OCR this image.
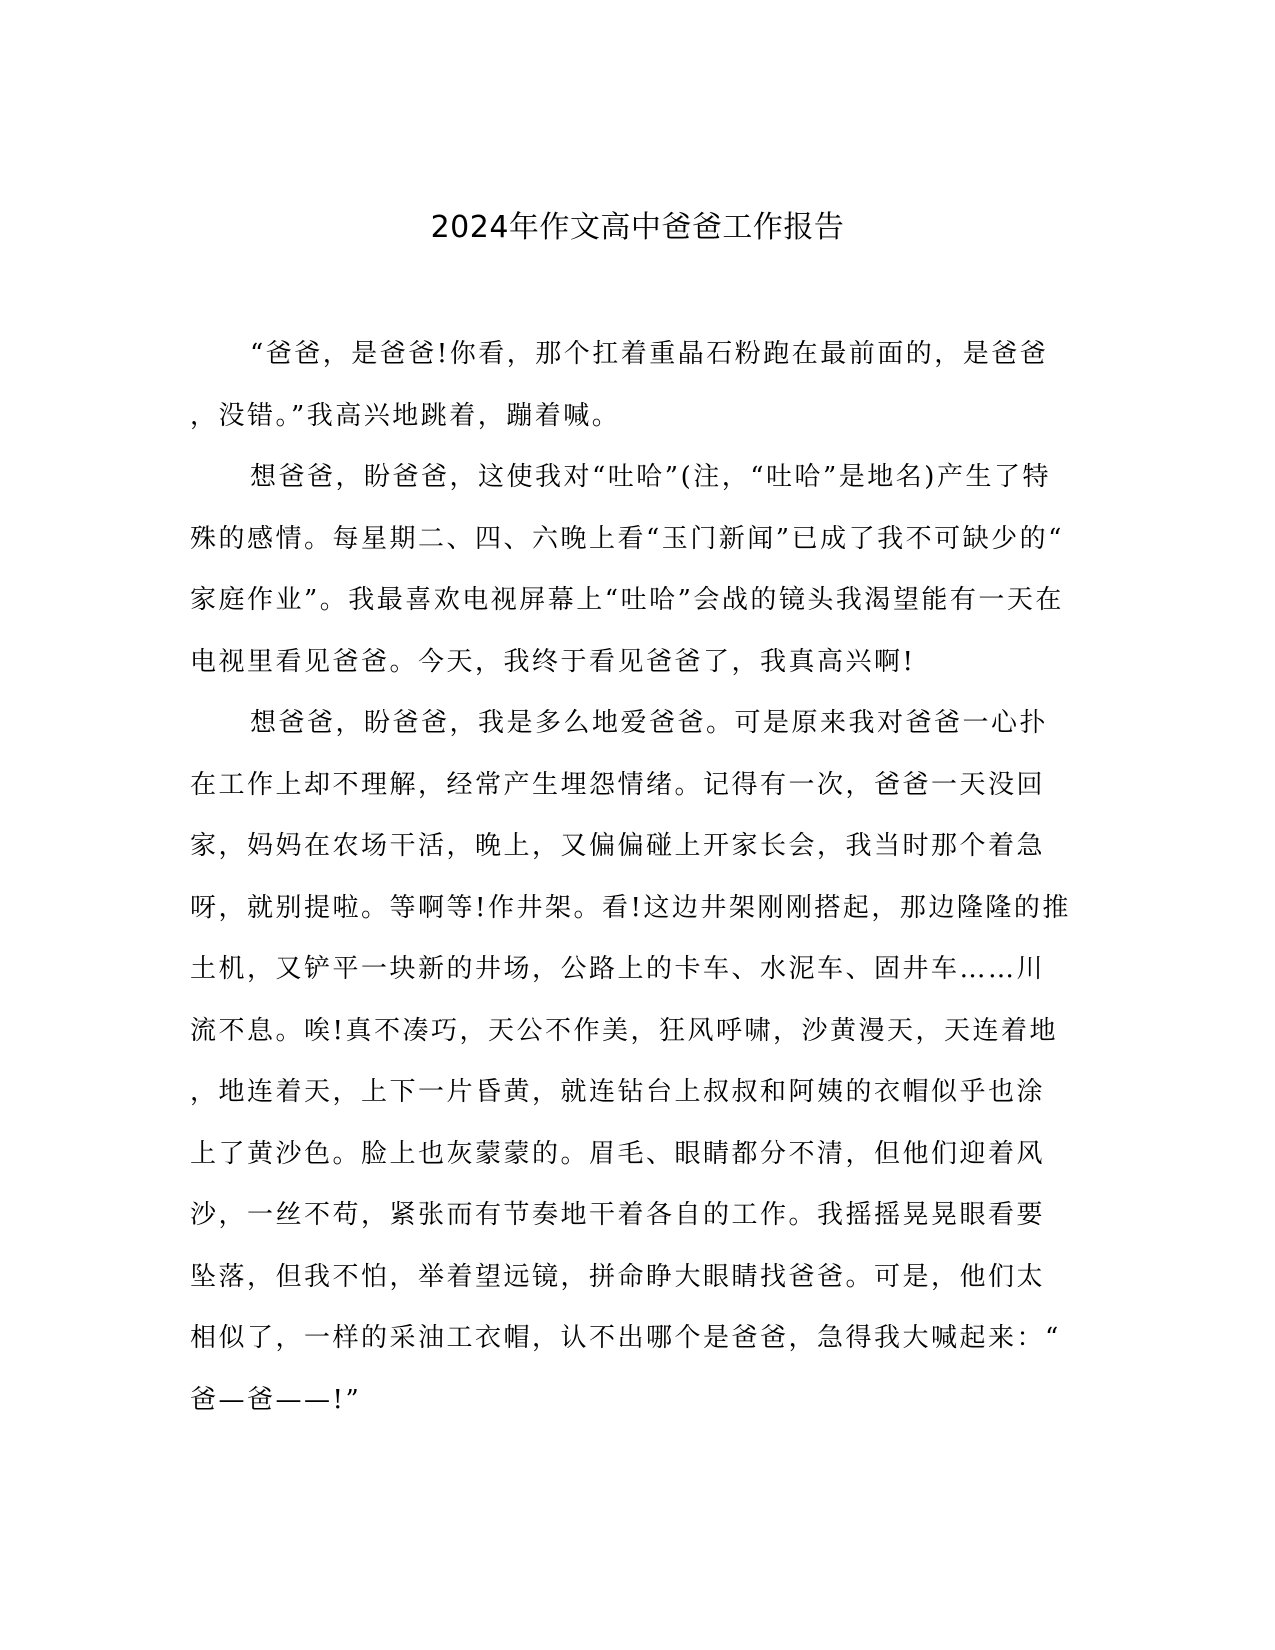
2024年作文高中爸爸工作报告
“爸爸，是爸爸!你看，那个扛着重晶石粉跑在最前面的，是爸爸
，没错。”我高兴地跳着，蹦着喊。
想爸爸，盼爸爸，这使我对“吐哈”(注，“吐哈”是地名)产生了特
殊的感情。每星期二、四、六晚上看“玉门新闻”已成了我不可缺少的“
家庭作业”。我最喜欢电视屏幕上“吐哈”会战的镜头我渴望能有一天在
电视里看见爸爸。今天，我终于看见爸爸了，我真高兴啊!
想爸爸，盼爸爸，我是多么地爱爸爸。可是原来我对爸爸一心扑
在工作上却不理解，经常产生埋怨情绪。记得有一次，爸爸一天没回
家，妈妈在农场干活，晚上，又偏偏碰上开家长会，我当时那个着急
呀，就别提啦。等啊等!作井架。看!这边井架刚刚搭起，那边隆隆的推
土机，又铲平一块新的井场，公路上的卡车、水泥车、固井车……川
流不息。唉!真不凑巧，天公不作美，狂风呼啸，沙黄漫天，天连着地
，地连着天，上下一片昏黄，就连钻台上叔叔和阿姨的衣帽似乎也涂
上了黄沙色。脸上也灰蒙蒙的。眉毛、眼睛都分不清，但他们迎着风
沙，一丝不苟，紧张而有节奏地干着各自的工作。我摇摇晃晃眼看要
坠落，但我不怕，举着望远镜，拼命睁大眼睛找爸爸。可是，他们太
相似了，一样的采油工衣帽，认不出哪个是爸爸，急得我大喊起来：“
爸—爸——!”
